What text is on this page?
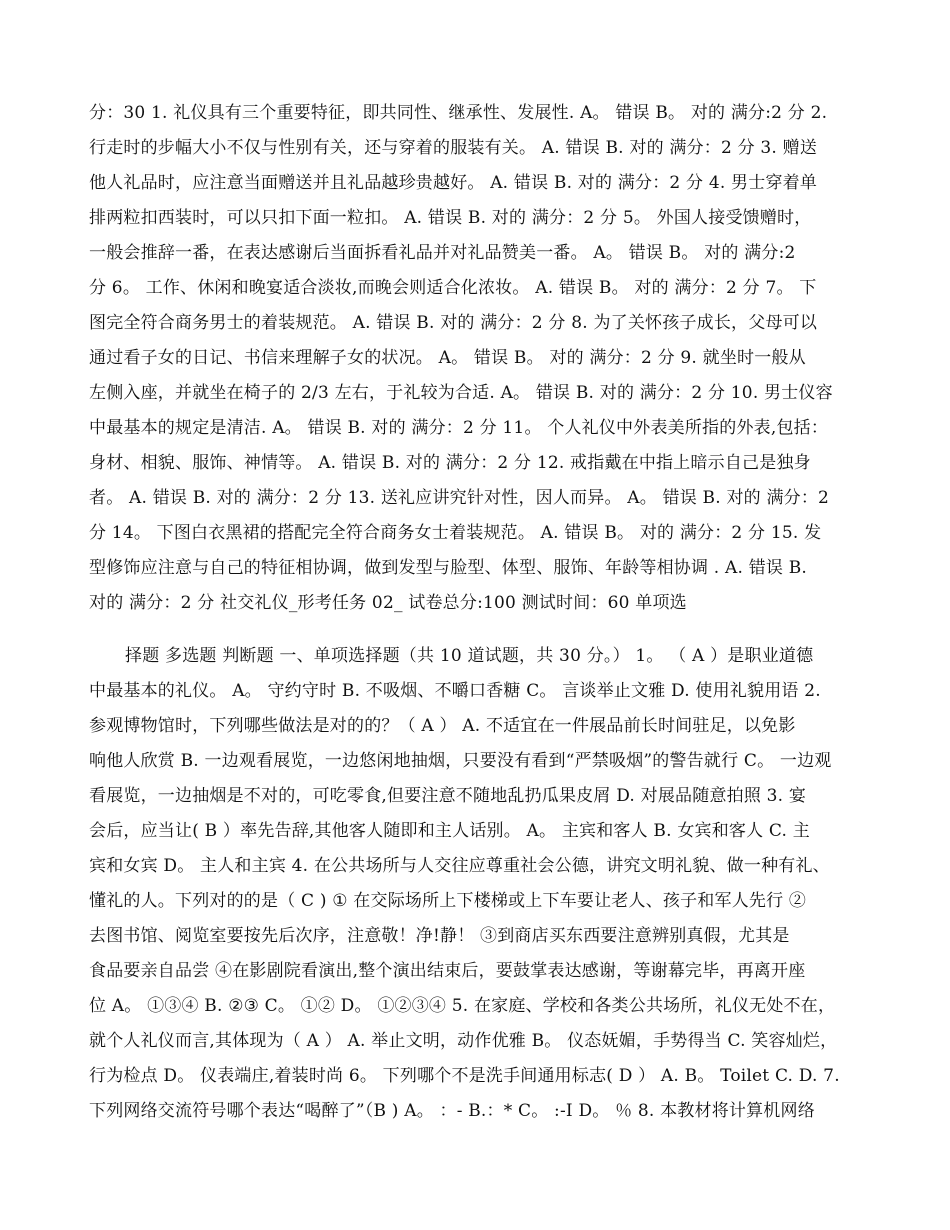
分：30 1. 礼仪具有三个重要特征，即共同性、继承性、发展性. A。 错误 B。 对的 满分:2 分 2.
行走时的步幅大小不仅与性别有关，还与穿着的服装有关。 A. 错误 B. 对的 满分：2 分 3. 赠送
他人礼品时，应注意当面赠送并且礼品越珍贵越好。 A. 错误 B. 对的 满分：2 分 4. 男士穿着单
排两粒扣西装时，可以只扣下面一粒扣。 A. 错误 B. 对的 满分：2 分 5。 外国人接受馈赠时，
一般会推辞一番，在表达感谢后当面拆看礼品并对礼品赞美一番。 A。 错误 B。 对的 满分:2
分 6。 工作、休闲和晚宴适合淡妆,而晚会则适合化浓妆。 A. 错误 B。 对的 满分：2 分 7。 下
图完全符合商务男士的着装规范。 A. 错误 B. 对的 满分：2 分 8. 为了关怀孩子成长，父母可以
通过看子女的日记、书信来理解子女的状况。 A。 错误 B。 对的 满分：2 分 9. 就坐时一般从
左侧入座，并就坐在椅子的 2/3 左右，于礼较为合适. A。 错误 B. 对的 满分：2 分 10. 男士仪容
中最基本的规定是清洁. A。 错误 B. 对的 满分：2 分 11。 个人礼仪中外表美所指的外表,包括：
身材、相貌、服饰、神情等。 A. 错误 B. 对的 满分：2 分 12. 戒指戴在中指上暗示自己是独身
者。 A. 错误 B. 对的 满分：2 分 13. 送礼应讲究针对性，因人而异。 A。 错误 B. 对的 满分：2
分 14。 下图白衣黑裙的搭配完全符合商务女士着装规范。 A. 错误 B。 对的 满分：2 分 15. 发
型修饰应注意与自己的特征相协调，做到发型与脸型、体型、服饰、年龄等相协调 . A. 错误 B.
对的 满分：2 分 社交礼仪_形考任务 02_ 试卷总分:100 测试时间：60 单项选
择题 多选题 判断题 一、单项选择题（共 10 道试题，共 30 分。） 1。 （ A ）是职业道德
中最基本的礼仪。 A。 守约守时 B. 不吸烟、不嚼口香糖 C。 言谈举止文雅 D. 使用礼貌用语 2.
参观博物馆时，下列哪些做法是对的的？（ A ） A. 不适宜在一件展品前长时间驻足，以免影
响他人欣赏 B. 一边观看展览，一边悠闲地抽烟，只要没有看到“严禁吸烟”的警告就行 C。 一边观
看展览，一边抽烟是不对的，可吃零食,但要注意不随地乱扔瓜果皮屑 D. 对展品随意拍照 3. 宴
会后，应当让( B ）率先告辞,其他客人随即和主人话别。 A。 主宾和客人 B. 女宾和客人 C. 主
宾和女宾 D。 主人和主宾 4. 在公共场所与人交往应尊重社会公德，讲究文明礼貌、做一种有礼、
懂礼的人。下列对的的是（ C ) ① 在交际场所上下楼梯或上下车要让老人、孩子和军人先行 ②
去图书馆、阅览室要按先后次序，注意敬！净!静！ ③到商店买东西要注意辨别真假，尤其是
食品要亲自品尝 ④在影剧院看演出,整个演出结束后，要鼓掌表达感谢，等谢幕完毕，再离开座
位 A。 ①③④ B. ②③ C。 ①② D。 ①②③④ 5. 在家庭、学校和各类公共场所，礼仪无处不在，
就个人礼仪而言,其体现为（ A ） A. 举止文明，动作优雅 B。 仪态妩媚，手势得当 C. 笑容灿烂，
行为检点 D。 仪表端庄,着装时尚 6。 下列哪个不是洗手间通用标志( D ） A. B。 Toilet C. D. 7.
下列网络交流符号哪个表达“喝醉了”（B ) A。 ：- B.：* C。 :-I D。 ％ 8. 本教材将计算机网络
